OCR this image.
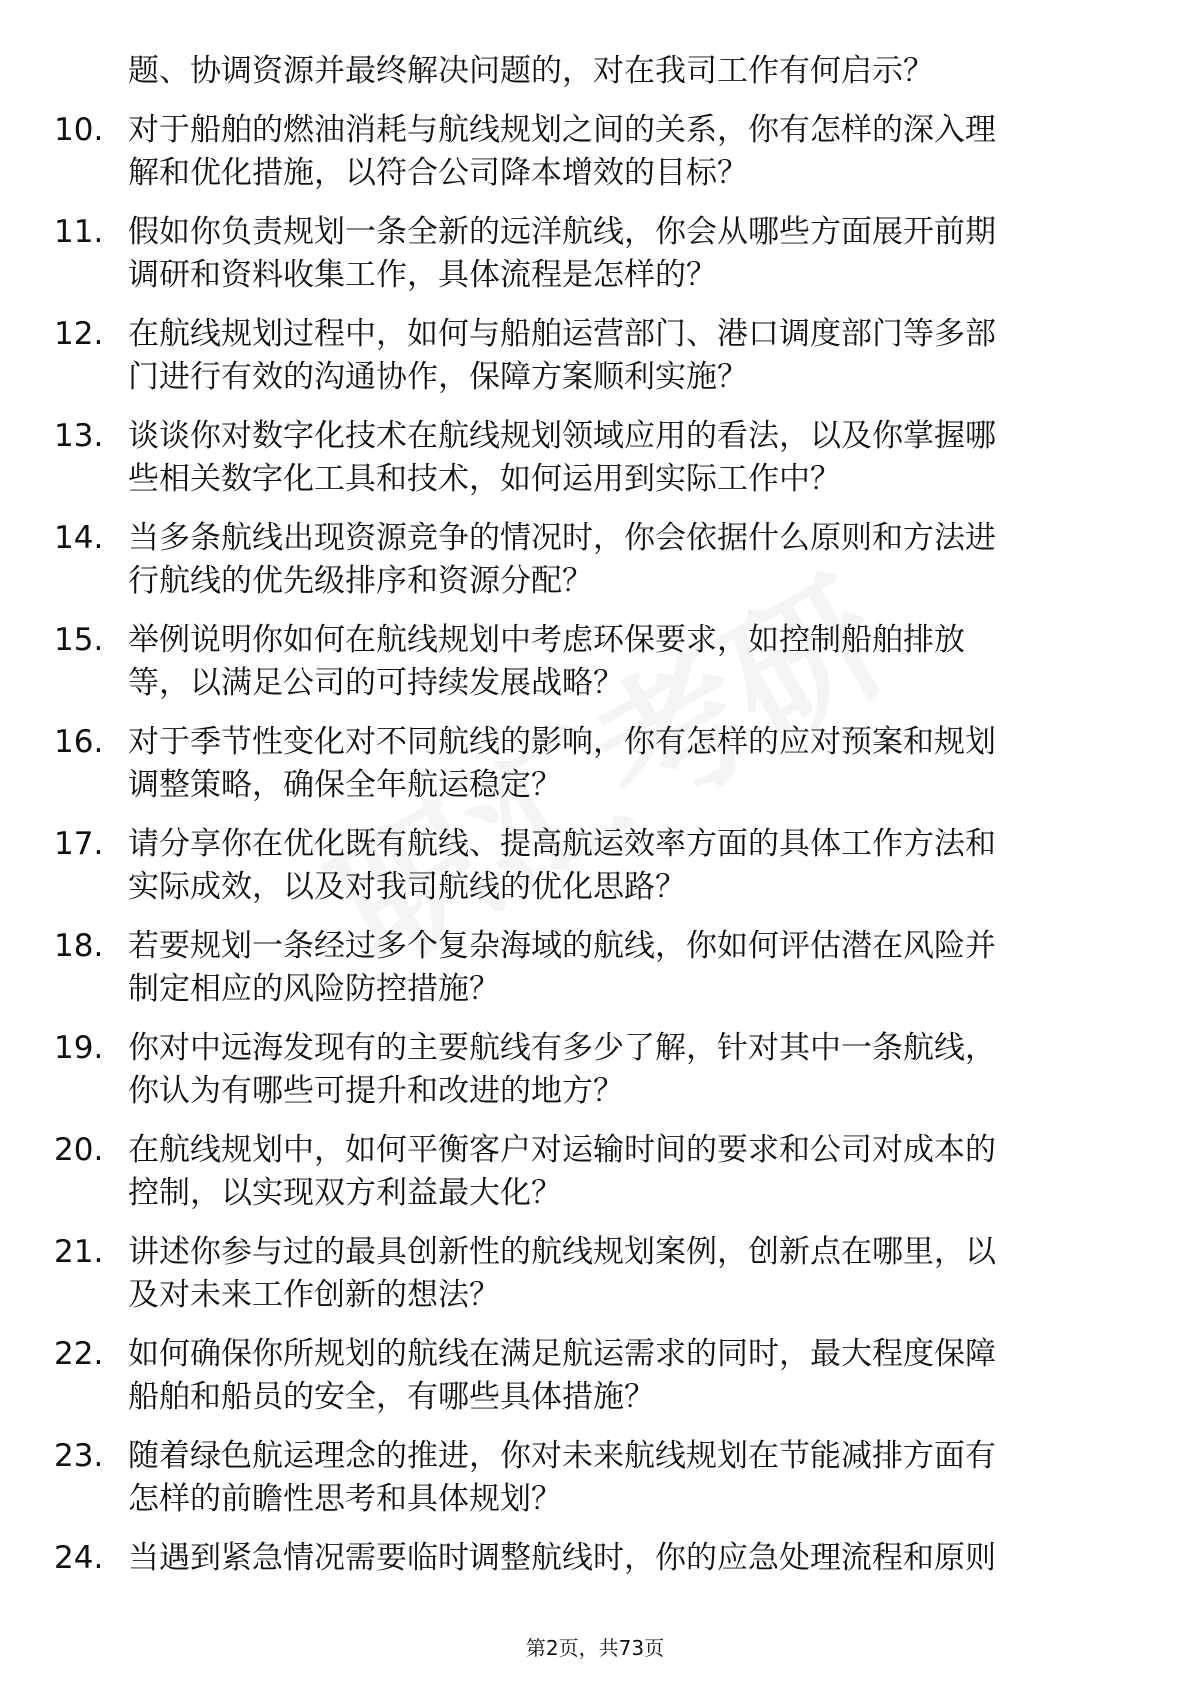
题、协调资源并最终解决问题的，对在我司工作有何启示？
10. 对于船舶的燃油消耗与航线规划之间的关系，你有怎样的深入理
解和优化措施，以符合公司降本增效的目标？
11. 假如你负责规划一条全新的远洋航线，你会从哪些方面展开前期
调研和资料收集工作，具体流程是怎样的？
12. 在航线规划过程中，如何与船舶运营部门、港口调度部门等多部
门进行有效的沟通协作，保障方案顺利实施？
13. 谈谈你对数字化技术在航线规划领域应用的看法，以及你掌握哪
些相关数字化工具和技术，如何运用到实际工作中？
14. 当多条航线出现资源竞争的情况时，你会依据什么原则和方法进
行航线的优先级排序和资源分配？
15. 举例说明你如何在航线规划中考虑环保要求，如控制船舶排放
等，以满足公司的可持续发展战略？
16. 对于季节性变化对不同航线的影响，你有怎样的应对预案和规划
调整策略，确保全年航运稳定？
17. 请分享你在优化既有航线、提高航运效率方面的具体工作方法和
实际成效，以及对我司航线的优化思路？
18. 若要规划一条经过多个复杂海域的航线，你如何评估潜在风险并
制定相应的风险防控措施？
19. 你对中远海发现有的主要航线有多少了解，针对其中一条航线，
你认为有哪些可提升和改进的地方？
20. 在航线规划中，如何平衡客户对运输时间的要求和公司对成本的
控制，以实现双方利益最大化？
21. 讲述你参与过的最具创新性的航线规划案例，创新点在哪里，以
及对未来工作创新的想法？
22. 如何确保你所规划的航线在满足航运需求的同时，最大程度保障
船舶和船员的安全，有哪些具体措施？
23. 随着绿色航运理念的推进，你对未来航线规划在节能减排方面有
怎样的前瞻性思考和具体规划？
24. 当遇到紧急情况需要临时调整航线时，你的应急处理流程和原则
第2页，共73页
